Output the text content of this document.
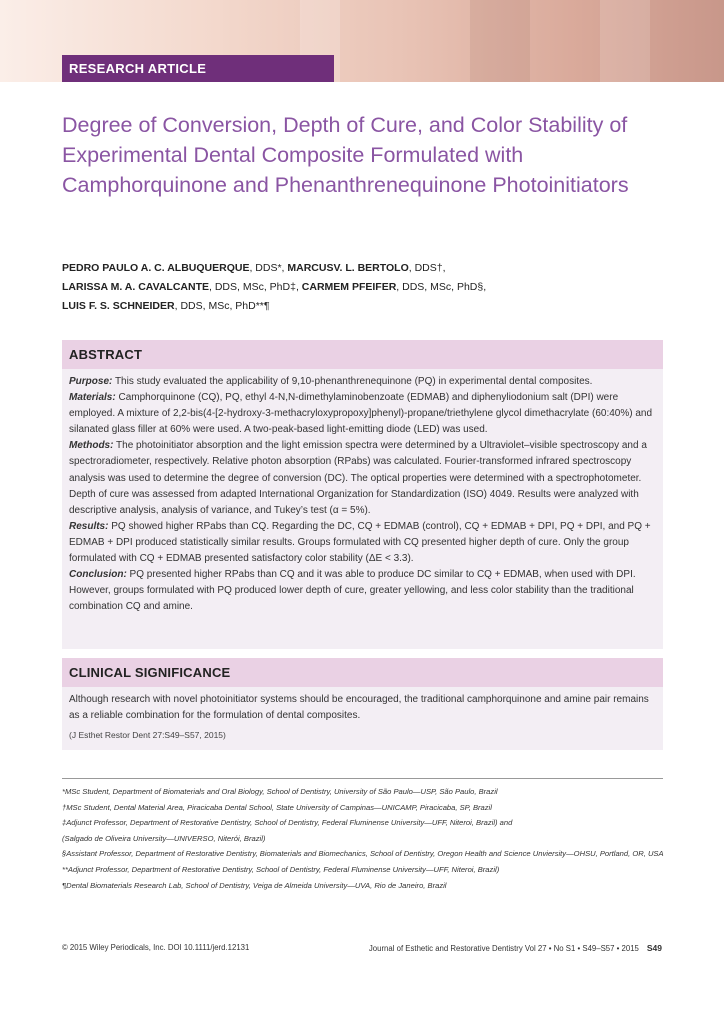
RESEARCH ARTICLE
Degree of Conversion, Depth of Cure, and Color Stability of Experimental Dental Composite Formulated with Camphorquinone and Phenanthrenequinone Photoinitiators
PEDRO PAULO A. C. ALBUQUERQUE, DDS*, MARCUSV. L. BERTOLO, DDS†,
LARISSA M. A. CAVALCANTE, DDS, MSc, PhD‡, CARMEM PFEIFER, DDS, MSc, PhD§,
LUIS F. S. SCHNEIDER, DDS, MSc, PhD**¶
ABSTRACT

Purpose: This study evaluated the applicability of 9,10-phenanthrenequinone (PQ) in experimental dental composites.

Materials: Camphorquinone (CQ), PQ, ethyl 4-N,N-dimethylaminobenzoate (EDMAB) and diphenyliodonium salt (DPI) were employed. A mixture of 2,2-bis(4-[2-hydroxy-3-methacryloxypropoxy]phenyl)-propane/triethylene glycol dimethacrylate (60:40%) and silanated glass filler at 60% were used. A two-peak-based light-emitting diode (LED) was used.

Methods: The photoinitiator absorption and the light emission spectra were determined by a Ultraviolet–visible spectroscopy and a spectroradiometer, respectively. Relative photon absorption (RPabs) was calculated. Fourier-transformed infrared spectroscopy analysis was used to determine the degree of conversion (DC). The optical properties were determined with a spectrophotometer. Depth of cure was assessed from adapted International Organization for Standardization (ISO) 4049. Results were analyzed with descriptive analysis, analysis of variance, and Tukey’s test (α = 5%).

Results: PQ showed higher RPabs than CQ. Regarding the DC, CQ + EDMAB (control), CQ + EDMAB + DPI, PQ + DPI, and PQ + EDMAB + DPI produced statistically similar results. Groups formulated with CQ presented higher depth of cure. Only the group formulated with CQ + EDMAB presented satisfactory color stability (ΔE < 3.3).

Conclusion: PQ presented higher RPabs than CQ and it was able to produce DC similar to CQ + EDMAB, when used with DPI. However, groups formulated with PQ produced lower depth of cure, greater yellowing, and less color stability than the traditional combination CQ and amine.

CLINICAL SIGNIFICANCE

Although research with novel photoinitiator systems should be encouraged, the traditional camphorquinone and amine pair remains as a reliable combination for the formulation of dental composites.

(J Esthet Restor Dent 27:S49–S57, 2015)

*MSc Student, Department of Biomaterials and Oral Biology, School of Dentistry, University of São Paulo—USP, São Paulo, Brazil

†MSc Student, Dental Material Area, Piracicaba Dental School, State University of Campinas—UNICAMP, Piracicaba, SP, Brazil

‡Adjunct Professor, Department of Restorative Dentistry, School of Dentistry, Federal Fluminense University—UFF, Niteroi, Brazil) and

(Salgado de Oliveira University—UNIVERSO, Niterói, Brazil)

§Assistant Professor, Department of Restorative Dentistry, Biomaterials and Biomechanics, School of Dentistry, Oregon Health and Science Unviersity—OHSU, Portland, OR, USA

**Adjunct Professor, Department of Restorative Dentistry, School of Dentistry, Federal Fluminense University—UFF, Niteroi, Brazil)

¶Dental Biomaterials Research Lab, School of Dentistry, Veiga de Almeida University—UVA, Rio de Janeiro, Brazil

© 2015 Wiley Periodicals, Inc. DOI 10.1111/jerd.12131	Journal of Esthetic and Restorative Dentistry Vol 27 • No S1 • S49–S57 • 2015 S49
